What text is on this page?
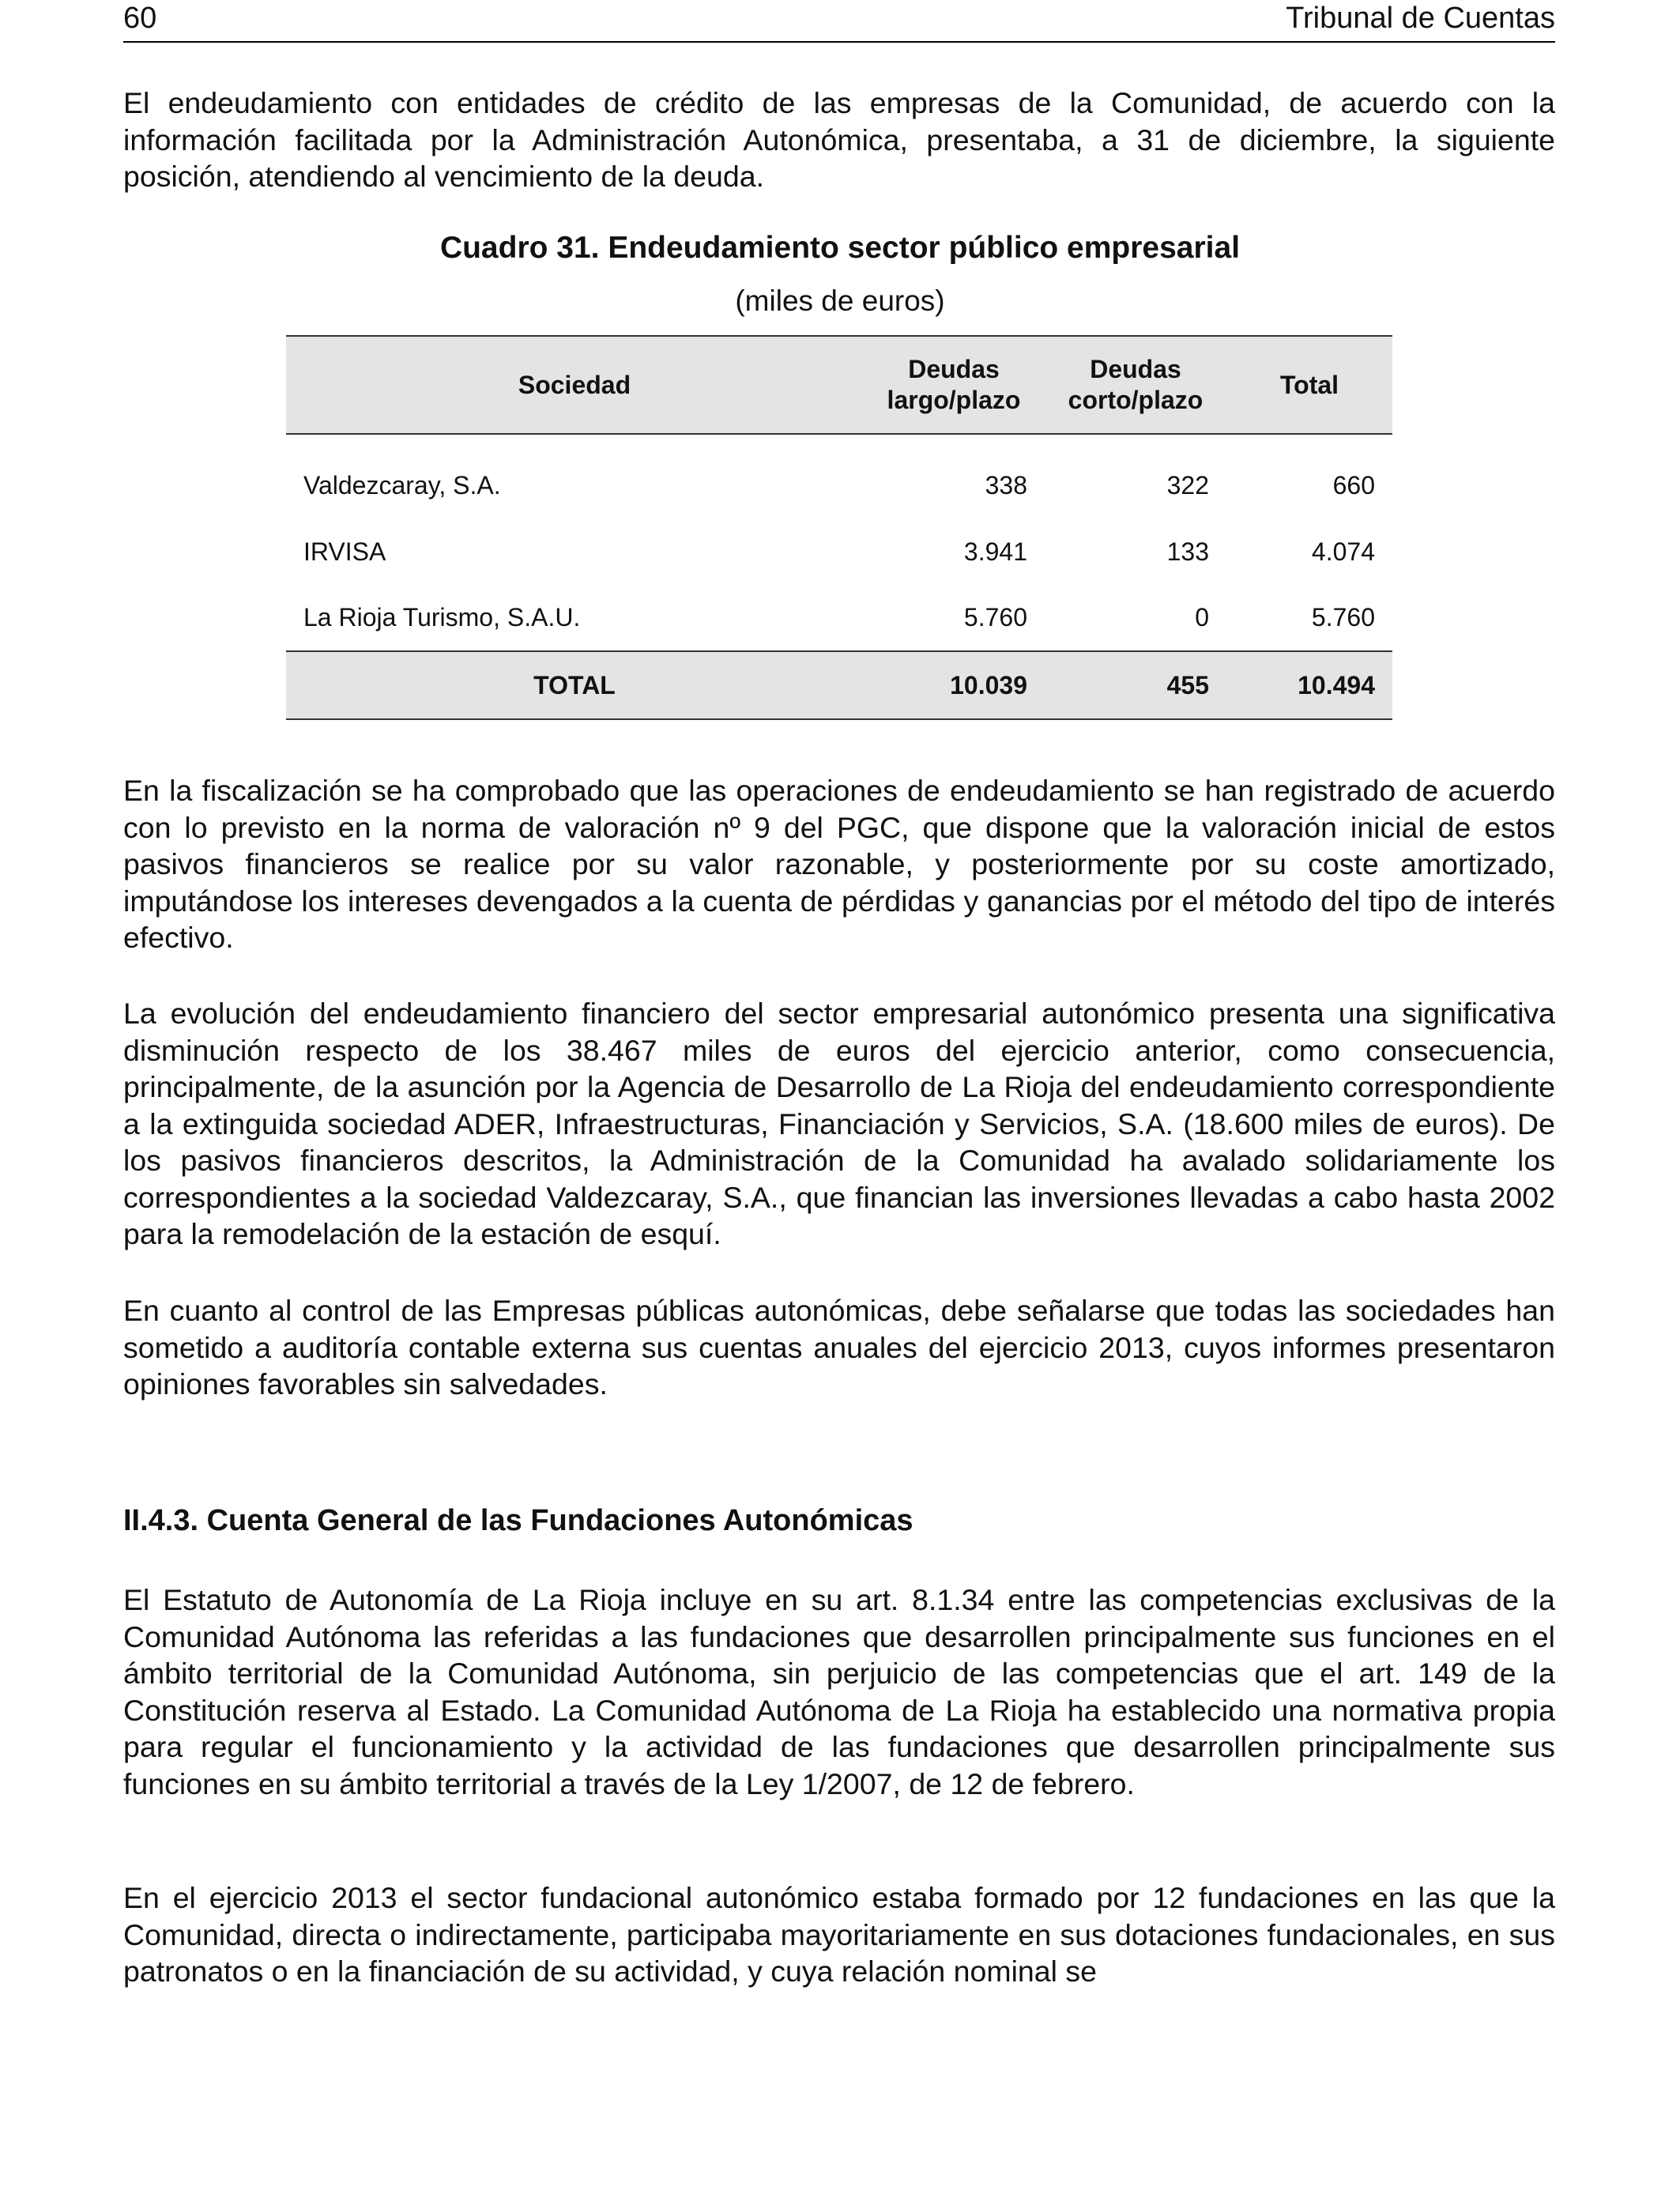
60	Tribunal de Cuentas

El endeudamiento con entidades de crédito de las empresas de la Comunidad, de acuerdo con la información facilitada por la Administración Autonómica, presentaba, a 31 de diciembre, la siguiente posición, atendiendo al vencimiento de la deuda.

Cuadro 31. Endeudamiento sector público empresarial
(miles de euros)
Sociedad	Deudas largo/plazo	Deudas corto/plazo	Total
Valdezcaray, S.A.	338	322	660
IRVISA	3.941	133	4.074
La Rioja Turismo, S.A.U.	5.760	0	5.760
TOTAL	10.039	455	10.494

En la fiscalización se ha comprobado que las operaciones de endeudamiento se han registrado de acuerdo con lo previsto en la norma de valoración nº 9 del PGC, que dispone que la valoración inicial de estos pasivos financieros se realice por su valor razonable, y posteriormente por su coste amortizado, imputándose los intereses devengados a la cuenta de pérdidas y ganancias por el método del tipo de interés efectivo.

La evolución del endeudamiento financiero del sector empresarial autonómico presenta una significativa disminución respecto de los 38.467 miles de euros del ejercicio anterior, como consecuencia, principalmente, de la asunción por la Agencia de Desarrollo de La Rioja del endeudamiento correspondiente a la extinguida sociedad ADER, Infraestructuras, Financiación y Servicios, S.A. (18.600 miles de euros). De los pasivos financieros descritos, la Administración de la Comunidad ha avalado solidariamente los correspondientes a la sociedad Valdezcaray, S.A., que financian las inversiones llevadas a cabo hasta 2002 para la remodelación de la estación de esquí.

En cuanto al control de las Empresas públicas autonómicas, debe señalarse que todas las sociedades han sometido a auditoría contable externa sus cuentas anuales del ejercicio 2013, cuyos informes presentaron opiniones favorables sin salvedades.

II.4.3. Cuenta General de las Fundaciones Autonómicas

El Estatuto de Autonomía de La Rioja incluye en su art. 8.1.34 entre las competencias exclusivas de la Comunidad Autónoma las referidas a las fundaciones que desarrollen principalmente sus funciones en el ámbito territorial de la Comunidad Autónoma, sin perjuicio de las competencias que el art. 149 de la Constitución reserva al Estado. La Comunidad Autónoma de La Rioja ha establecido una normativa propia para regular el funcionamiento y la actividad de las fundaciones que desarrollen principalmente sus funciones en su ámbito territorial a través de la Ley 1/2007, de 12 de febrero.

En el ejercicio 2013 el sector fundacional autonómico estaba formado por 12 fundaciones en las que la Comunidad, directa o indirectamente, participaba mayoritariamente en sus dotaciones fundacionales, en sus patronatos o en la financiación de su actividad, y cuya relación nominal se
